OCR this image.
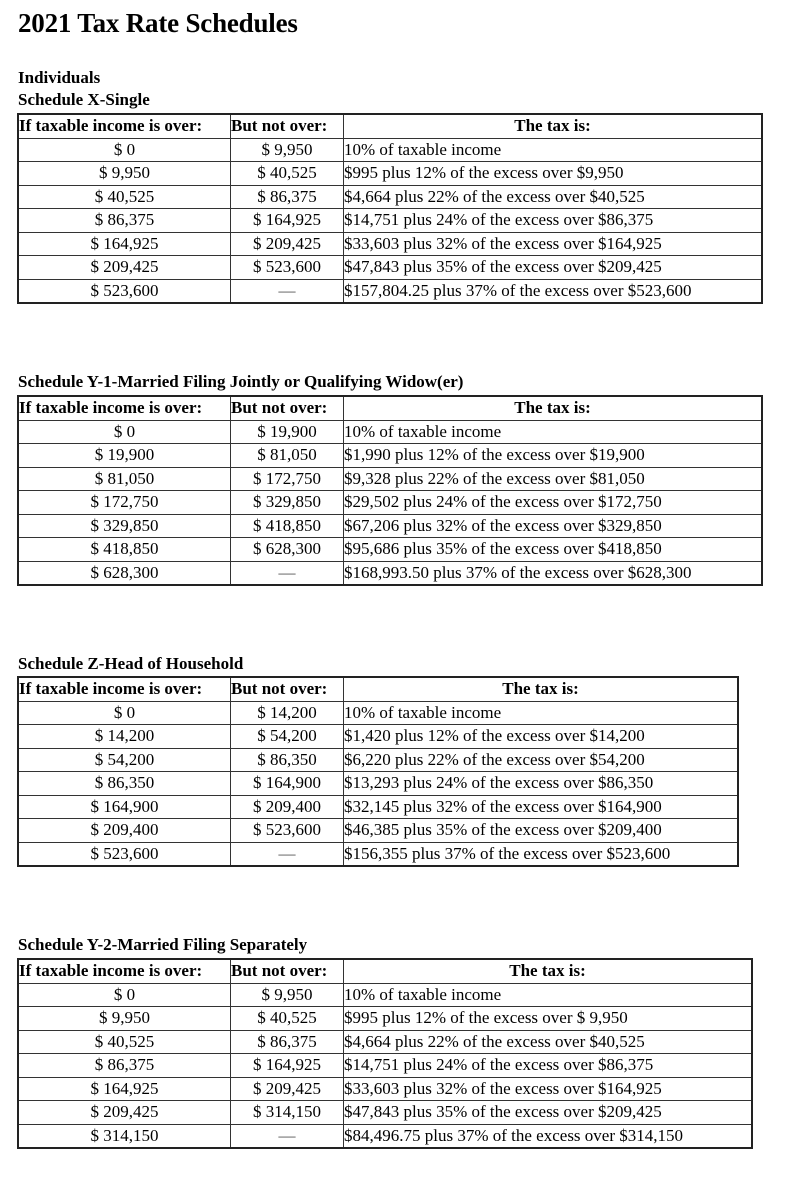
2021 Tax Rate Schedules
Individuals
Schedule X-Single
If taxable income is over:	But not over:	The tax is:
$ 0	$ 9,950	10% of taxable income
$ 9,950	$ 40,525	$995 plus 12% of the excess over $9,950
$ 40,525	$ 86,375	$4,664 plus 22% of the excess over $40,525
$ 86,375	$ 164,925	$14,751 plus 24% of the excess over $86,375
$ 164,925	$ 209,425	$33,603 plus 32% of the excess over $164,925
$ 209,425	$ 523,600	$47,843 plus 35% of the excess over $209,425
$ 523,600	—	$157,804.25 plus 37% of the excess over $523,600
Schedule Y-1-Married Filing Jointly or Qualifying Widow(er)
If taxable income is over:	But not over:	The tax is:
$ 0	$ 19,900	10% of taxable income
$ 19,900	$ 81,050	$1,990 plus 12% of the excess over $19,900
$ 81,050	$ 172,750	$9,328 plus 22% of the excess over $81,050
$ 172,750	$ 329,850	$29,502 plus 24% of the excess over $172,750
$ 329,850	$ 418,850	$67,206 plus 32% of the excess over $329,850
$ 418,850	$ 628,300	$95,686 plus 35% of the excess over $418,850
$ 628,300	—	$168,993.50 plus 37% of the excess over $628,300
Schedule Z-Head of Household
If taxable income is over:	But not over:	The tax is:
$ 0	$ 14,200	10% of taxable income
$ 14,200	$ 54,200	$1,420 plus 12% of the excess over $14,200
$ 54,200	$ 86,350	$6,220 plus 22% of the excess over $54,200
$ 86,350	$ 164,900	$13,293 plus 24% of the excess over $86,350
$ 164,900	$ 209,400	$32,145 plus 32% of the excess over $164,900
$ 209,400	$ 523,600	$46,385 plus 35% of the excess over $209,400
$ 523,600	—	$156,355 plus 37% of the excess over $523,600
Schedule Y-2-Married Filing Separately
If taxable income is over:	But not over:	The tax is:
$ 0	$ 9,950	10% of taxable income
$ 9,950	$ 40,525	$995 plus 12% of the excess over $ 9,950
$ 40,525	$ 86,375	$4,664 plus 22% of the excess over $40,525
$ 86,375	$ 164,925	$14,751 plus 24% of the excess over $86,375
$ 164,925	$ 209,425	$33,603 plus 32% of the excess over $164,925
$ 209,425	$ 314,150	$47,843 plus 35% of the excess over $209,425
$ 314,150	—	$84,496.75 plus 37% of the excess over $314,150
